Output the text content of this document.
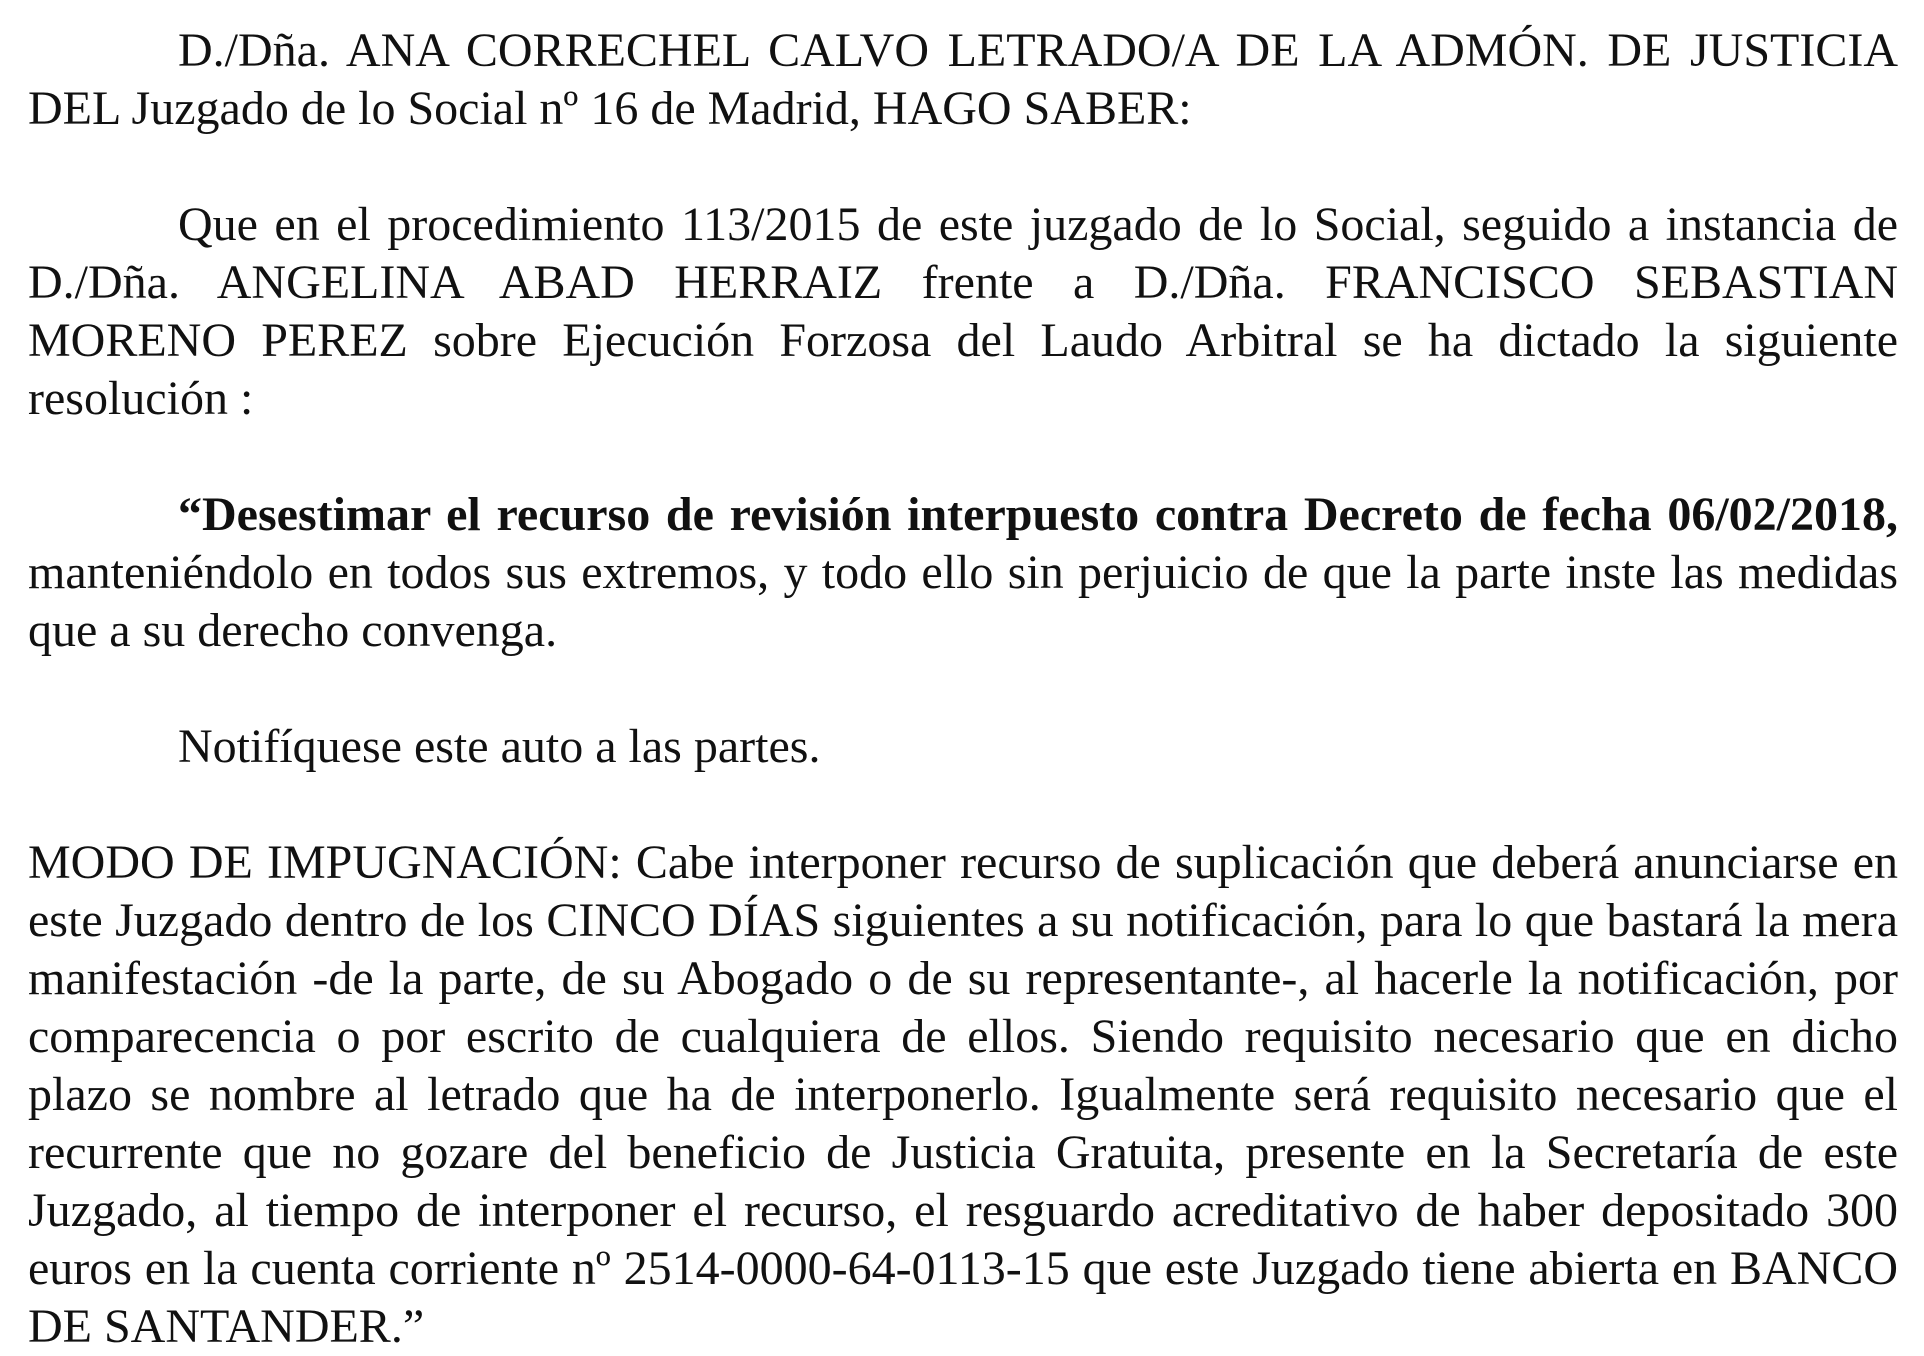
D./Dña. ANA CORRECHEL CALVO LETRADO/A DE LA ADMÓN. DE JUSTICIA DEL Juzgado de lo Social nº 16 de Madrid, HAGO SABER:

Que en el procedimiento 113/2015 de este juzgado de lo Social, seguido a instancia de D./Dña. ANGELINA ABAD HERRAIZ frente a D./Dña. FRANCISCO SEBASTIAN MORENO PEREZ sobre Ejecución Forzosa del Laudo Arbitral se ha dictado la siguiente resolución :

“Desestimar el recurso de revisión interpuesto contra Decreto de fecha 06/02/2018, manteniéndolo en todos sus extremos, y todo ello sin perjuicio de que la parte inste las medidas que a su derecho convenga.

Notifíquese este auto a las partes.

MODO DE IMPUGNACIÓN: Cabe interponer recurso de suplicación que deberá anunciarse en este Juzgado dentro de los CINCO DÍAS siguientes a su notificación, para lo que bastará la mera manifestación -de la parte, de su Abogado o de su representante-, al hacerle la notificación, por comparecencia o por escrito de cualquiera de ellos. Siendo requisito necesario que en dicho plazo se nombre al letrado que ha de interponerlo. Igualmente será requisito necesario que el recurrente que no gozare del beneficio de Justicia Gratuita, presente en la Secretaría de este Juzgado, al tiempo de interponer el recurso, el resguardo acreditativo de haber depositado 300 euros en la cuenta corriente nº 2514-0000-64-0113-15 que este Juzgado tiene abierta en BANCO DE SANTANDER.”
